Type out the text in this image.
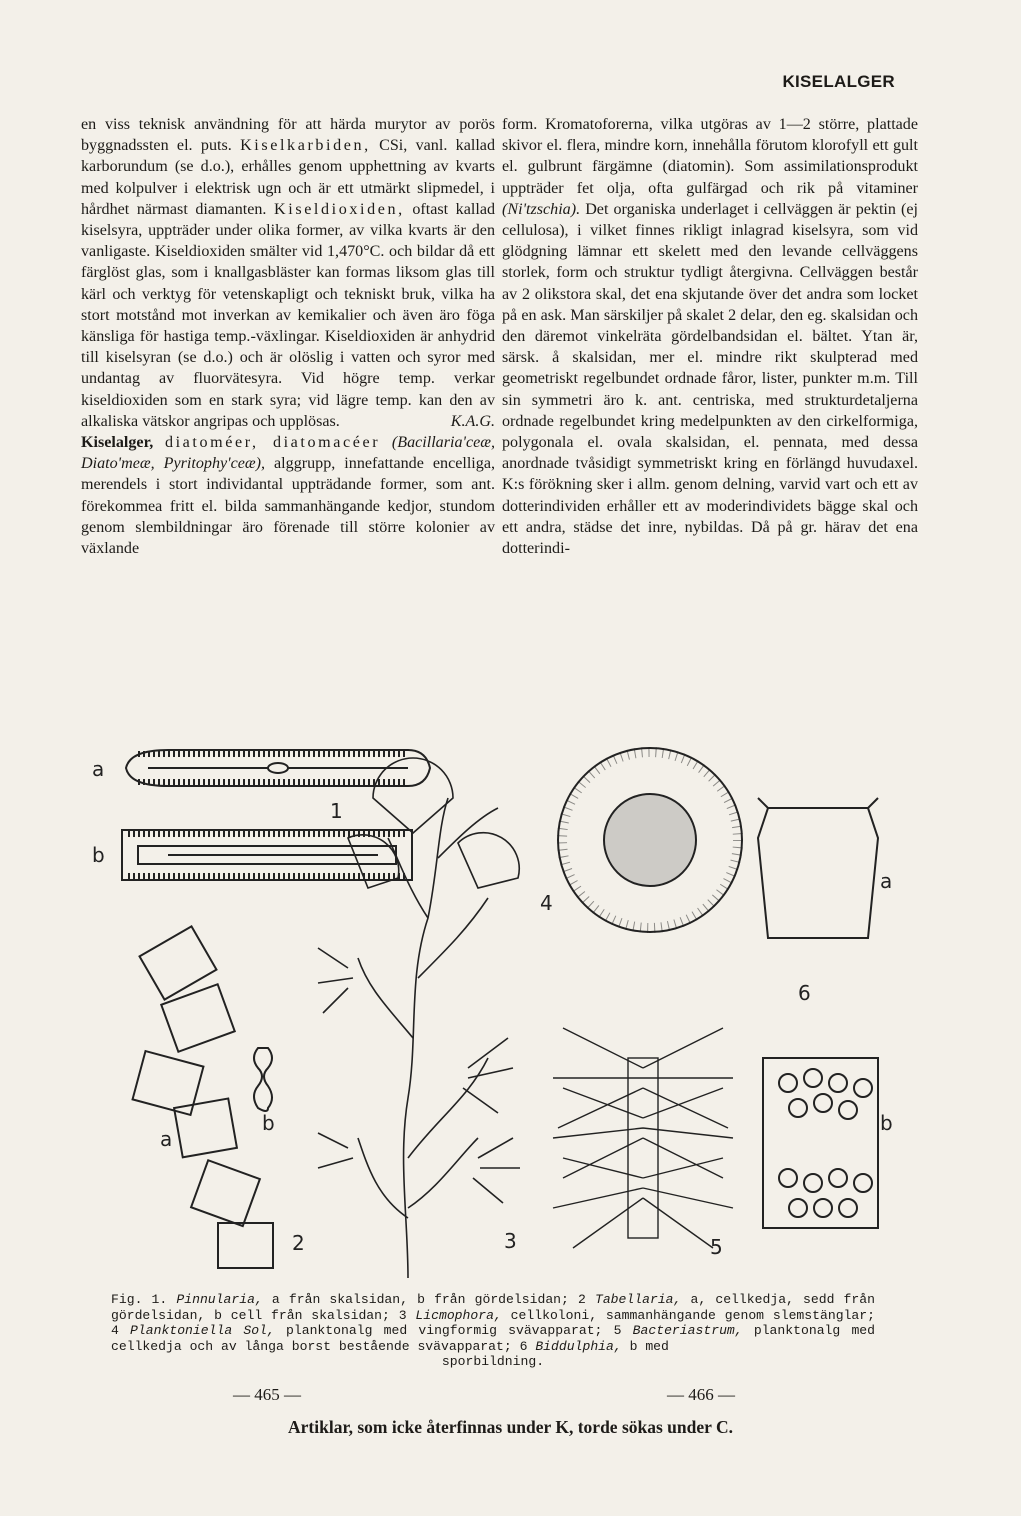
KISELALGER

en viss teknisk användning för att härda murytor av porös byggnadssten el. puts. Kiselkarbiden, CSi, vanl. kallad karborundum (se d.o.), erhålles genom upphettning av kvarts med kolpulver i elektrisk ugn och är ett utmärkt slipmedel, i hårdhet närmast diamanten. Kiseldioxiden, oftast kallad kiselsyra, uppträder under olika former, av vilka kvarts är den vanligaste. Kiseldioxiden smälter vid 1,470°C. och bildar då ett färglöst glas, som i knallgasbläster kan formas liksom glas till kärl och verktyg för vetenskapligt och tekniskt bruk, vilka ha stort motstånd mot inverkan av kemikalier och även äro föga känsliga för hastiga temp.-växlingar. Kiseldioxiden är anhydrid till kiselsyran (se d.o.) och är olöslig i vatten och syror med undantag av fluorvätesyra. Vid högre temp. verkar kiseldioxiden som en stark syra; vid lägre temp. kan den av alkaliska vätskor angripas och upplösas.	K.A.G.

Kiselalger, diatoméer, diatomacéer (Bacillaria'ceæ, Diato'meæ, Pyritophy'ceæ), alggrupp, innefattande encelliga, merendels i stort individantal uppträdande former, som ant. förekommea fritt el. bilda sammanhängande kedjor, stundom genom slembildningar äro förenade till större kolonier av växlande

form. Kromatoforerna, vilka utgöras av 1—2 större, plattade skivor el. flera, mindre korn, innehålla förutom klorofyll ett gult el. gulbrunt färgämne (diatomin). Som assimilationsprodukt uppträder fet olja, ofta gulfärgad och rik på vitaminer (Ni'tzschia). Det organiska underlaget i cellväggen är pektin (ej cellulosa), i vilket finnes rikligt inlagrad kiselsyra, som vid glödgning lämnar ett skelett med den levande cellväggens storlek, form och struktur tydligt återgivna. Cellväggen består av 2 olikstora skal, det ena skjutande över det andra som locket på en ask. Man särskiljer på skalet 2 delar, den eg. skalsidan och den däremot vinkelräta gördelbandsidan el. bältet. Ytan är, särsk. å skalsidan, mer el. mindre rikt skulpterad med geometriskt regelbundet ordnade fåror, lister, punkter m.m. Till sin symmetri äro k. ant. centriska, med strukturdetaljerna ordnade regelbundet kring medelpunkten av den cirkelformiga, polygonala el. ovala skalsidan, el. pennata, med dessa anordnade tvåsidigt symmetriskt kring en förlängd huvudaxel. K:s förökning sker i allm. genom delning, varvid vart och ett av dotterindividen erhåller ett av moderindividets bägge skal och ett andra, städse det inre, nybildas. Då på gr. härav det ena dotterindi-

a
b
1
a
b
2	3
4
5
a
6
b
Fig. 1. Pinnularia, a från skalsidan, b från gördelsidan; 2 Tabellaria, a, cellkedja, sedd från gördelsidan, b cell från skalsidan; 3 Licmophora, cellkoloni, sammanhängande genom slemstänglar; 4 Planktoniella Sol, planktonalg med vingformig svävapparat; 5 Bacteriastrum, planktonalg med cellkedja och av långa borst bestående svävapparat; 6 Biddulphia, b med
sporbildning.
— 465 —	— 466 —
Artiklar, som icke återfinnas under K, torde sökas under C.
